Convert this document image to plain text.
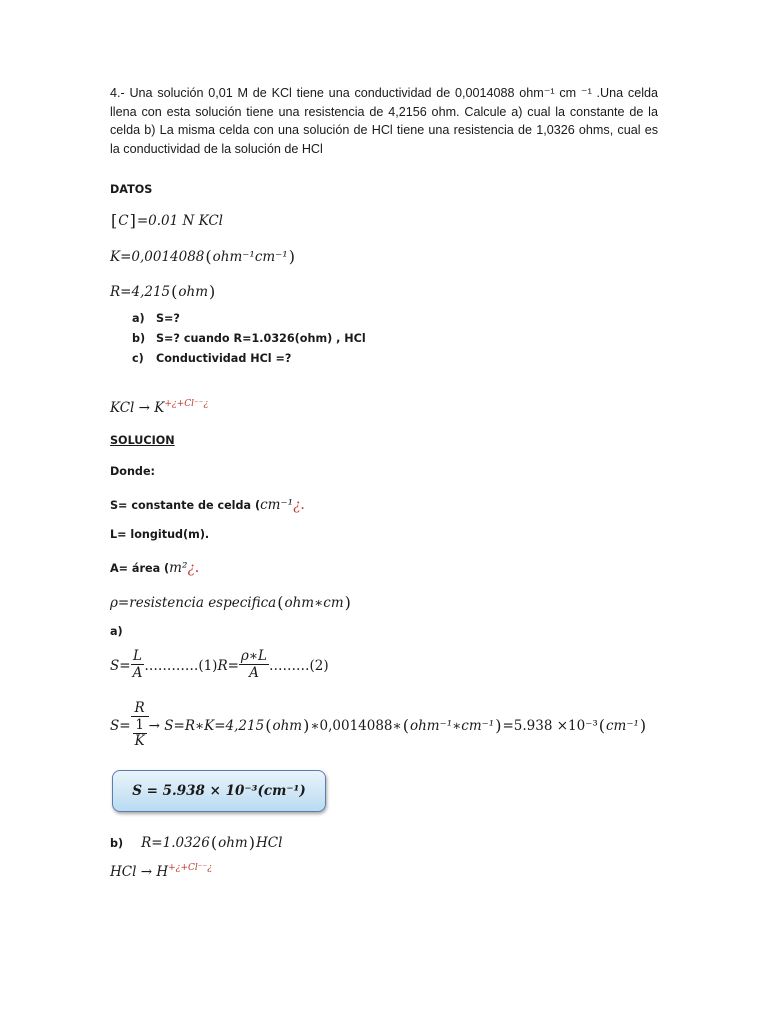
4.- Una solución 0,01 M de KCl tiene una conductividad de 0,0014088 ohm⁻¹ cm ⁻¹ .Una celda llena con esta solución tiene una resistencia de 4,2156 ohm. Calcule a) cual la constante de la celda b) La misma celda con una solución de HCl tiene una resistencia de 1,0326 ohms, cual es la conductividad de la solución de HCl
DATOS
[C]=0.01 N KCl
K=0,0014088(ohm⁻¹cm⁻¹)
R=4,215(ohm)
a) S=?
b) S=? cuando R=1.0326(ohm) , HCl
c) Conductividad HCl =?
KCl → $K^{+¿+Cl^{--}¿}$
SOLUCION
Donde:
S= constante de celda (cm⁻¹¿.
L= longitud(m).
A= área (m²¿.
ρ=resistencia especifica(ohm∗cm)
a)
$S= \frac{L}{A}$ …………(1)R= $\frac{\rho∗L}{A}$ ………(2)
$S= \frac{R}{\frac{1}{K}}$ → S=R∗K=4,215(ohm)∗0,0014088∗(ohm⁻¹∗cm⁻¹)=5.938 ×10⁻³(cm⁻¹)
S = 5.938 × 10⁻³(cm⁻¹)
b) R=1.0326(ohm)HCl
HCl → $H^{+¿+Cl^{--}¿}$
